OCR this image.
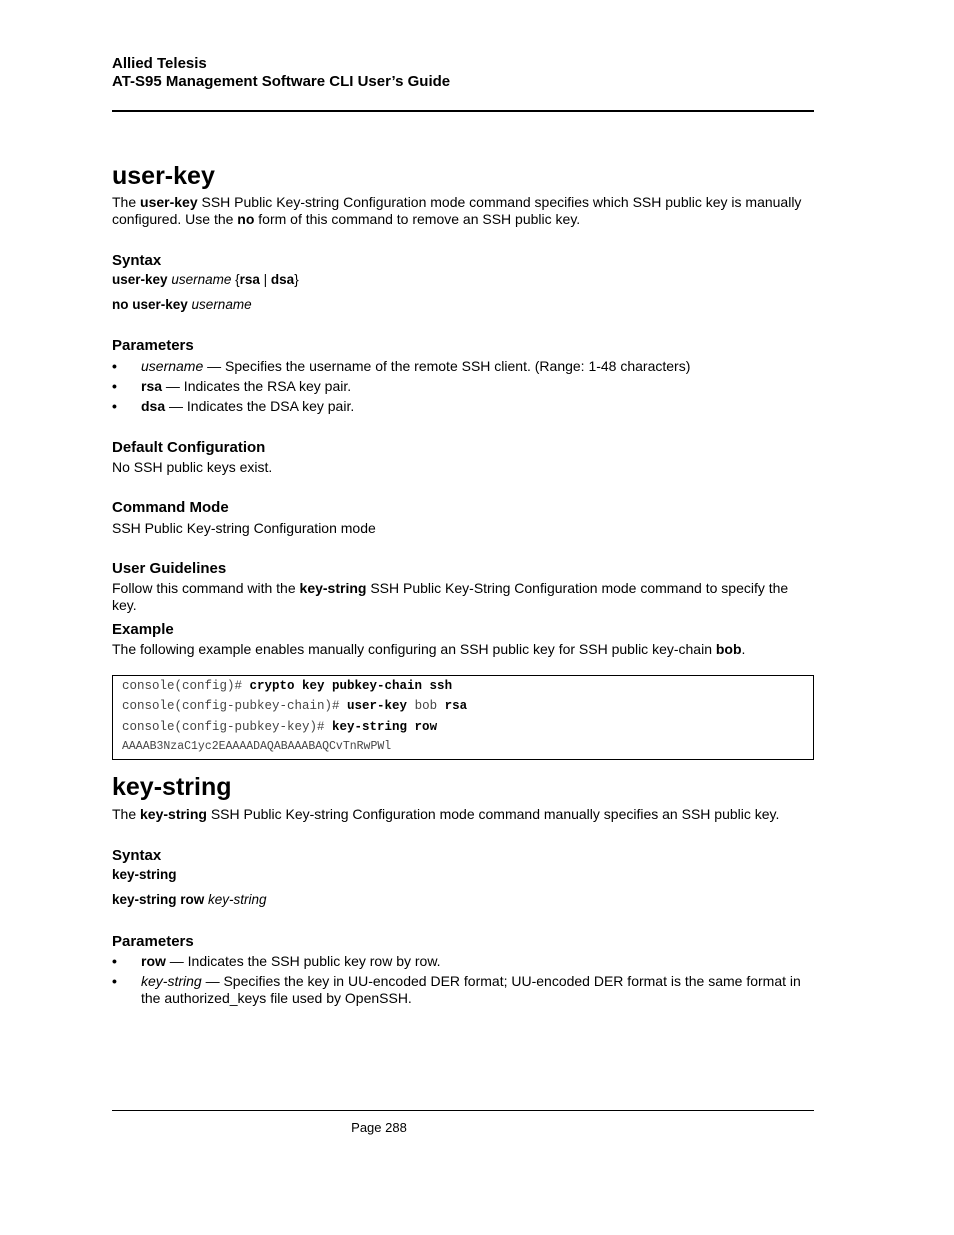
Allied Telesis
AT-S95 Management Software CLI User’s Guide
user-key
The user-key SSH Public Key-string Configuration mode command specifies which SSH public key is manually configured. Use the no form of this command to remove an SSH public key.
Syntax
user-key username {rsa | dsa}
no user-key username
Parameters
• username — Specifies the username of the remote SSH client. (Range: 1-48 characters)
• rsa — Indicates the RSA key pair.
• dsa — Indicates the DSA key pair.
Default Configuration
No SSH public keys exist.
Command Mode
SSH Public Key-string Configuration mode
User Guidelines
Follow this command with the key-string SSH Public Key-String Configuration mode command to specify the key.
Example
The following example enables manually configuring an SSH public key for SSH public key-chain bob.
console(config)# crypto key pubkey-chain ssh
console(config-pubkey-chain)# user-key bob rsa
console(config-pubkey-key)# key-string row
AAAAB3NzaC1yc2EAAAADAQABAAABAQCvTnRwPWl
key-string
The key-string SSH Public Key-string Configuration mode command manually specifies an SSH public key.
Syntax
key-string
key-string row key-string
Parameters
• row — Indicates the SSH public key row by row.
• key-string — Specifies the key in UU-encoded DER format; UU-encoded DER format is the same format in the authorized_keys file used by OpenSSH.
Page 288
